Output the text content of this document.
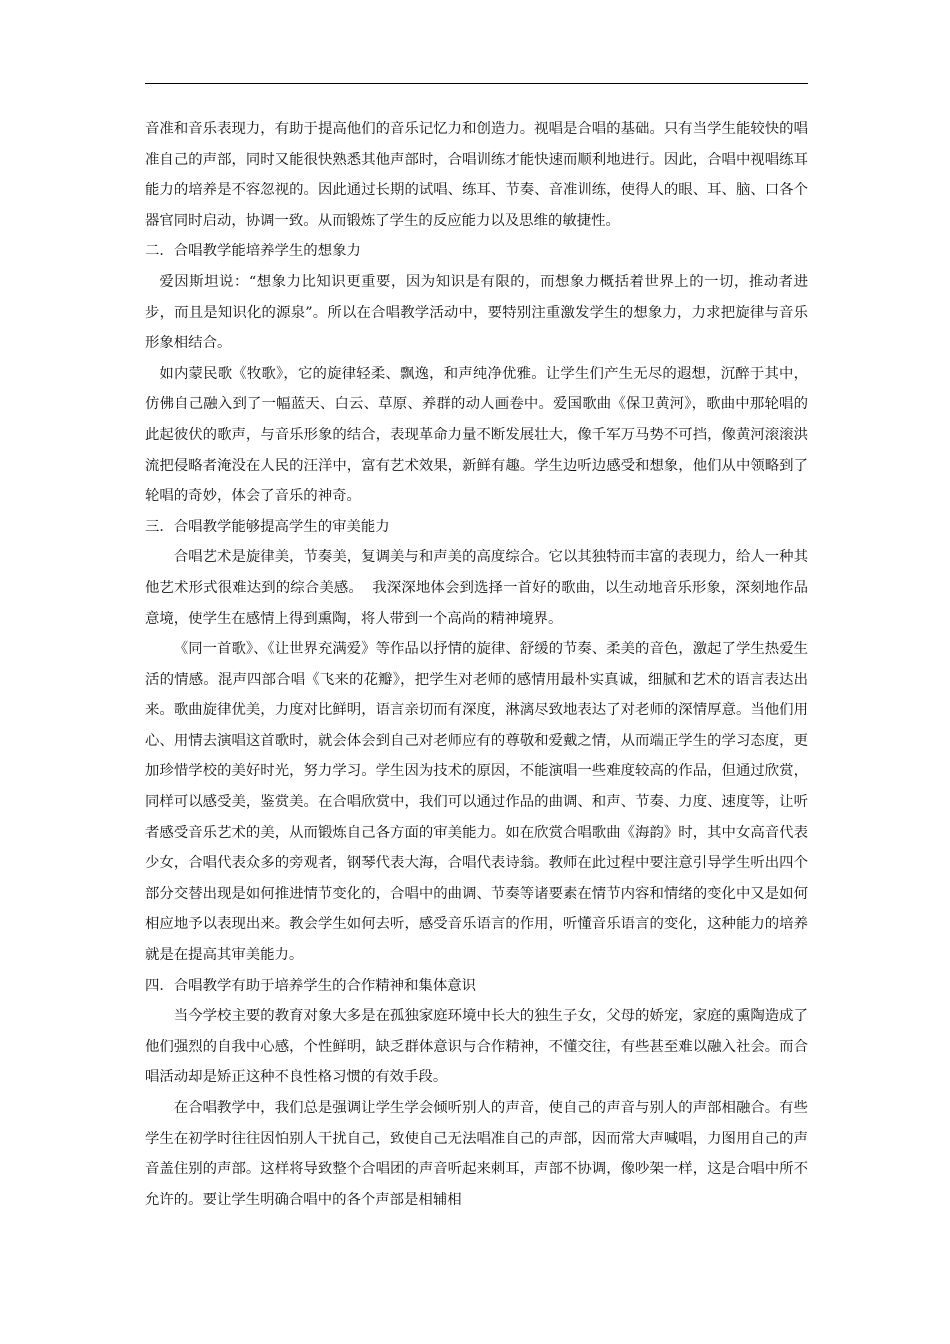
音准和音乐表现力，有助于提高他们的音乐记忆力和创造力。视唱是合唱的基础。只有当学生能较快的唱准自己的声部，同时又能很快熟悉其他声部时，合唱训练才能快速而顺利地进行。因此，合唱中视唱练耳能力的培养是不容忽视的。因此通过长期的试唱、练耳、节奏、音准训练，使得人的眼、耳、脑、口各个器官同时启动，协调一致。从而锻炼了学生的反应能力以及思维的敏捷性。

二．合唱教学能培养学生的想象力

爱因斯坦说：“想象力比知识更重要，因为知识是有限的，而想象力概括着世界上的一切，推动者进步，而且是知识化的源泉”。所以在合唱教学活动中，要特别注重激发学生的想象力，力求把旋律与音乐形象相结合。

如内蒙民歌《牧歌》，它的旋律轻柔、飘逸，和声纯净优雅。让学生们产生无尽的遐想，沉醉于其中，仿佛自己融入到了一幅蓝天、白云、草原、养群的动人画卷中。爱国歌曲《保卫黄河》，歌曲中那轮唱的此起彼伏的歌声，与音乐形象的结合，表现革命力量不断发展壮大，像千军万马势不可挡，像黄河滚滚洪流把侵略者淹没在人民的汪洋中，富有艺术效果，新鲜有趣。学生边听边感受和想象，他们从中领略到了轮唱的奇妙，体会了音乐的神奇。

三．合唱教学能够提高学生的审美能力

合唱艺术是旋律美，节奏美，复调美与和声美的高度综合。它以其独特而丰富的表现力，给人一种其他艺术形式很难达到的综合美感。  我深深地体会到选择一首好的歌曲，以生动地音乐形象，深刻地作品意境，使学生在感情上得到熏陶，将人带到一个高尚的精神境界。

《同一首歌》、《让世界充满爱》等作品以抒情的旋律、舒缓的节奏、柔美的音色，激起了学生热爱生活的情感。混声四部合唱《飞来的花瓣》，把学生对老师的感情用最朴实真诚，细腻和艺术的语言表达出来。歌曲旋律优美，力度对比鲜明，语言亲切而有深度，淋漓尽致地表达了对老师的深情厚意。当他们用心、用情去演唱这首歌时，就会体会到自己对老师应有的尊敬和爱戴之情，从而端正学生的学习态度，更加珍惜学校的美好时光，努力学习。学生因为技术的原因，不能演唱一些难度较高的作品，但通过欣赏，同样可以感受美，鉴赏美。在合唱欣赏中，我们可以通过作品的曲调、和声、节奏、力度、速度等，让听者感受音乐艺术的美，从而锻炼自己各方面的审美能力。如在欣赏合唱歌曲《海韵》时，其中女高音代表少女，合唱代表众多的旁观者，钢琴代表大海，合唱代表诗翁。教师在此过程中要注意引导学生听出四个部分交替出现是如何推进情节变化的，合唱中的曲调、节奏等诸要素在情节内容和情绪的变化中又是如何相应地予以表现出来。教会学生如何去听，感受音乐语言的作用，听懂音乐语言的变化，这种能力的培养就是在提高其审美能力。

四．合唱教学有助于培养学生的合作精神和集体意识

当今学校主要的教育对象大多是在孤独家庭环境中长大的独生子女，父母的娇宠，家庭的熏陶造成了他们强烈的自我中心感，个性鲜明，缺乏群体意识与合作精神，不懂交往，有些甚至难以融入社会。而合唱活动却是矫正这种不良性格习惯的有效手段。

在合唱教学中，我们总是强调让学生学会倾听别人的声音，使自己的声音与别人的声部相融合。有些学生在初学时往往因怕别人干扰自己，致使自己无法唱准自己的声部，因而常大声喊唱，力图用自己的声音盖住别的声部。这样将导致整个合唱团的声音听起来刺耳，声部不协调，像吵架一样，这是合唱中所不允许的。要让学生明确合唱中的各个声部是相辅相
